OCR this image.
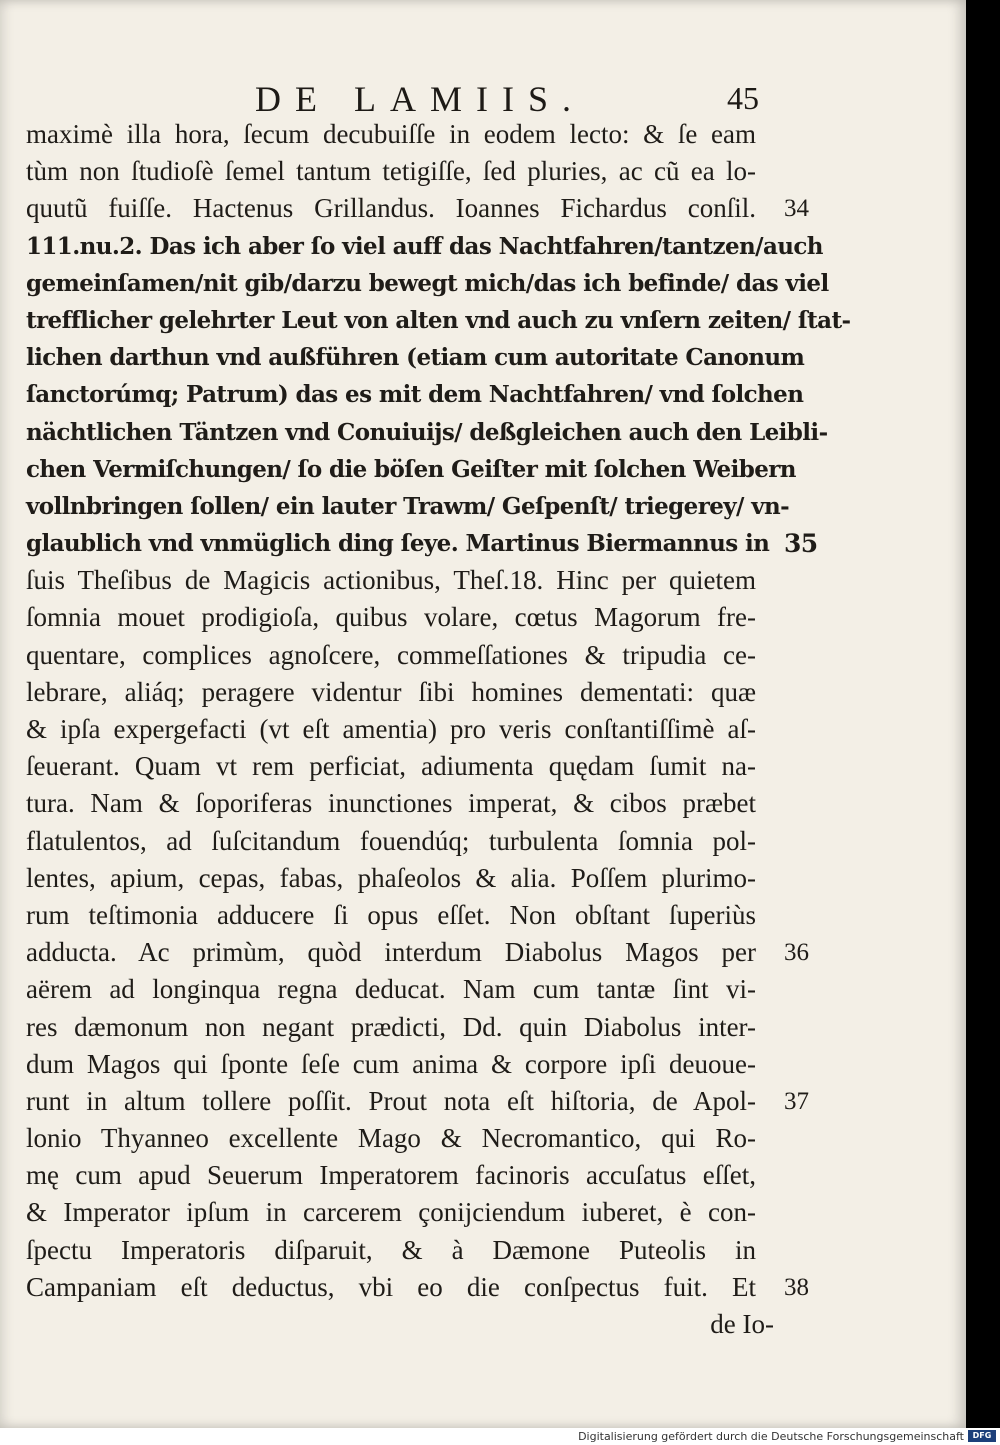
DE LAMIIS.	45
maximè illa hora, ſecum decubuiſſe in eodem lecto: & ſe eam
tùm non ſtudioſè ſemel tantum tetigiſſe, ſed pluries, ac cũ ea lo-
quutũ fuiſſe. Hactenus Grillandus. Ioannes Fichardus conſil. 34
111.nu.2. Das ich aber ſo viel auff das Nachtfahren/tantzen/auch
gemeinſamen/nit gib/darzu bewegt mich/das ich befinde/ das viel
trefflicher gelehrter Leut von alten vnd auch zu vnſern zeiten/ ſtat-
lichen darthun vnd außführen (etiam cum autoritate Canonum
ſanctorúmq; Patrum) das es mit dem Nachtfahren/ vnd ſolchen
nächtlichen Täntzen vnd Conuiuijs/ deßgleichen auch den Leibli-
chen Vermiſchungen/ ſo die böſen Geiſter mit ſolchen Weibern
vollnbringen ſollen/ ein lauter Trawm/ Geſpenſt/ triegerey/ vn-
glaublich vnd vnmüglich ding ſeye. Martinus Biermannus in 35
ſuis Theſibus de Magicis actionibus, Theſ.18. Hinc per quietem
ſomnia mouet prodigioſa, quibus volare, cœtus Magorum fre-
quentare, complices agnoſcere, commeſſationes & tripudia ce-
lebrare, aliáq; peragere videntur ſibi homines dementati: quæ
& ipſa expergefacti (vt eſt amentia) pro veris conſtantiſſimè aſ-
ſeuerant. Quam vt rem perficiat, adiumenta quędam ſumit na-
tura. Nam & ſoporiferas inunctiones imperat, & cibos præbet
flatulentos, ad ſuſcitandum fouendúq; turbulenta ſomnia pol-
lentes, apium, cepas, fabas, phaſeolos & alia. Poſſem plurimo-
rum teſtimonia adducere ſi opus eſſet. Non obſtant ſuperiùs
adducta. Ac primùm, quòd interdum Diabolus Magos per 36
aërem ad longinqua regna deducat. Nam cum tantæ ſint vi-
res dæmonum non negant prædicti, Dd. quin Diabolus inter-
dum Magos qui ſponte ſeſe cum anima & corpore ipſi deuoue-
runt in altum tollere poſſit. Prout nota eſt hiſtoria, de Apol- 37
lonio Thyanneo excellente Mago & Necromantico, qui Ro-
mę cum apud Seuerum Imperatorem facinoris accuſatus eſſet,
& Imperator ipſum in carcerem çonijciendum iuberet, è con-
ſpectu Imperatoris diſparuit, & à Dæmone Puteolis in
Campaniam eſt deductus, vbi eo die conſpectus fuit. Et 38
de Io-
Digitalisierung gefördert durch die Deutsche Forschungsgemeinschaft	DFG
